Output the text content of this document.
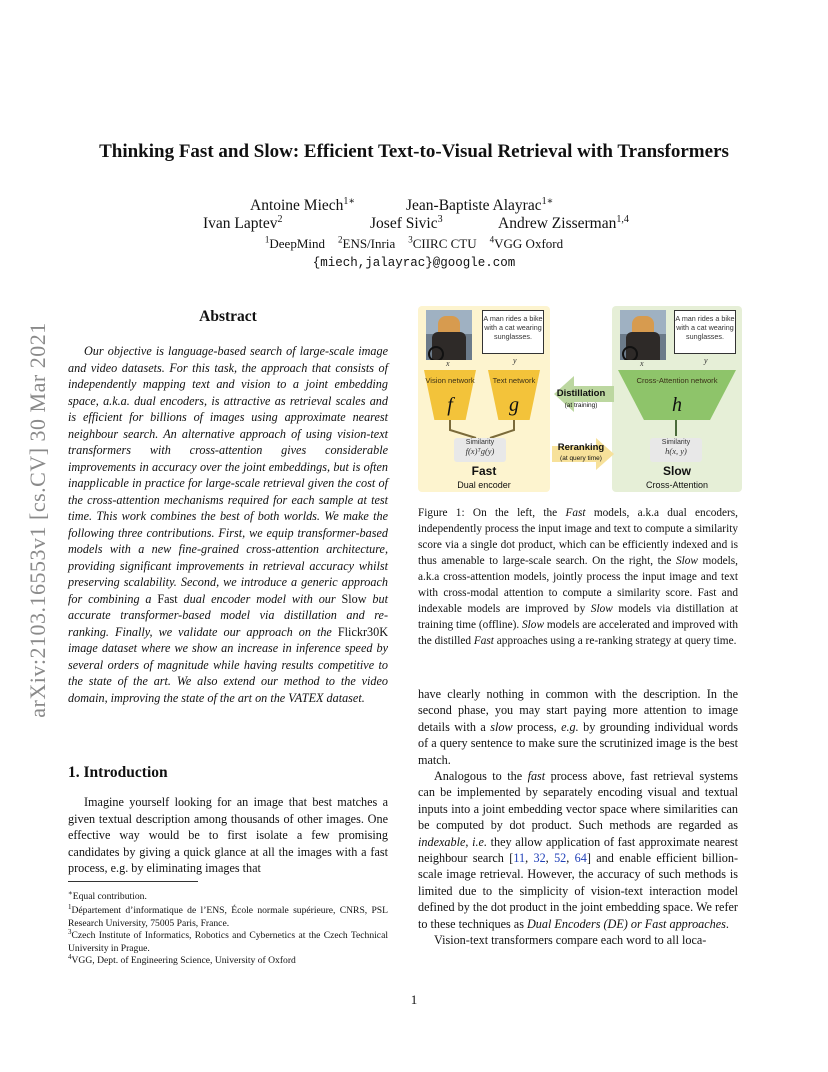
arXiv:2103.16553v1 [cs.CV] 30 Mar 2021
Thinking Fast and Slow: Efficient Text-to-Visual Retrieval with Transformers
Antoine Miech$^{1∗}$	Jean-Baptiste Alayrac$^{1∗}$
Ivan Laptev$^2$	Josef Sivic$^3$	Andrew Zisserman$^{1,4}$
$^1$DeepMind $^2$ENS/Inria $^3$CIIRC CTU $^4$VGG Oxford
{miech,jalayrac}@google.com
Abstract
Our objective is language-based search of large-scale image and video datasets. For this task, the approach that consists of independently mapping text and vision to a joint embedding space, a.k.a. dual encoders, is attractive as retrieval scales and is efficient for billions of images using approximate nearest neighbour search. An alternative approach of using vision-text transformers with cross-attention gives considerable improvements in accuracy over the joint embeddings, but is often inapplicable in practice for large-scale retrieval given the cost of the cross-attention mechanisms required for each sample at test time. This work combines the best of both worlds. We make the following three contributions. First, we equip transformer-based models with a new fine-grained cross-attention architecture, providing significant improvements in retrieval accuracy whilst preserving scalability. Second, we introduce a generic approach for combining a Fast dual encoder model with our Slow but accurate transformer-based model via distillation and re-ranking. Finally, we validate our approach on the Flickr30K image dataset where we show an increase in inference speed by several orders of magnitude while having results competitive to the state of the art. We also extend our method to the video domain, improving the state of the art on the VATEX dataset.
1. Introduction
Imagine yourself looking for an image that best matches a given textual description among thousands of other images. One effective way would be to first isolate a few promising candidates by giving a quick glance at all the images with a fast process, e.g. by eliminating images that
∗Equal contribution.
$^1$Département d’informatique de l’ENS, École normale supérieure, CNRS, PSL Research University, 75005 Paris, France.
$^3$Czech Institute of Informatics, Robotics and Cybernetics at the Czech Technical University in Prague.
$^4$VGG, Dept. of Engineering Science, University of Oxford
A man rides a bike with a cat wearing sunglasses.
x	y
Vision network
f
Text network
g
Similarity
f(x)ᵀg(y)
Fast
Dual encoder
Distillation
(at training)
Reranking
(at query time)
A man rides a bike with a cat wearing sunglasses.
x	y
Cross-Attention network
h
Similarity
h(x, y)
Slow
Cross-Attention
Figure 1: On the left, the Fast models, a.k.a dual encoders, independently process the input image and text to compute a similarity score via a single dot product, which can be efficiently indexed and is thus amenable to large-scale search. On the right, the Slow models, a.k.a cross-attention models, jointly process the input image and text with cross-modal attention to compute a similarity score. Fast and indexable models are improved by Slow models via distillation at training time (offline). Slow models are accelerated and improved with the distilled Fast approaches using a re-ranking strategy at query time.

have clearly nothing in common with the description. In the second phase, you may start paying more attention to image details with a slow process, e.g. by grounding individual words of a query sentence to make sure the scrutinized image is the best match.

Analogous to the fast process above, fast retrieval systems can be implemented by separately encoding visual and textual inputs into a joint embedding vector space where similarities can be computed by dot product. Such methods are regarded as indexable, i.e. they allow application of fast approximate nearest neighbour search [11, 32, 52, 64] and enable efficient billion-scale image retrieval. However, the accuracy of such methods is limited due to the simplicity of vision-text interaction model defined by the dot product in the joint embedding space. We refer to these techniques as Dual Encoders (DE) or Fast approaches.

Vision-text transformers compare each word to all loca-

1
